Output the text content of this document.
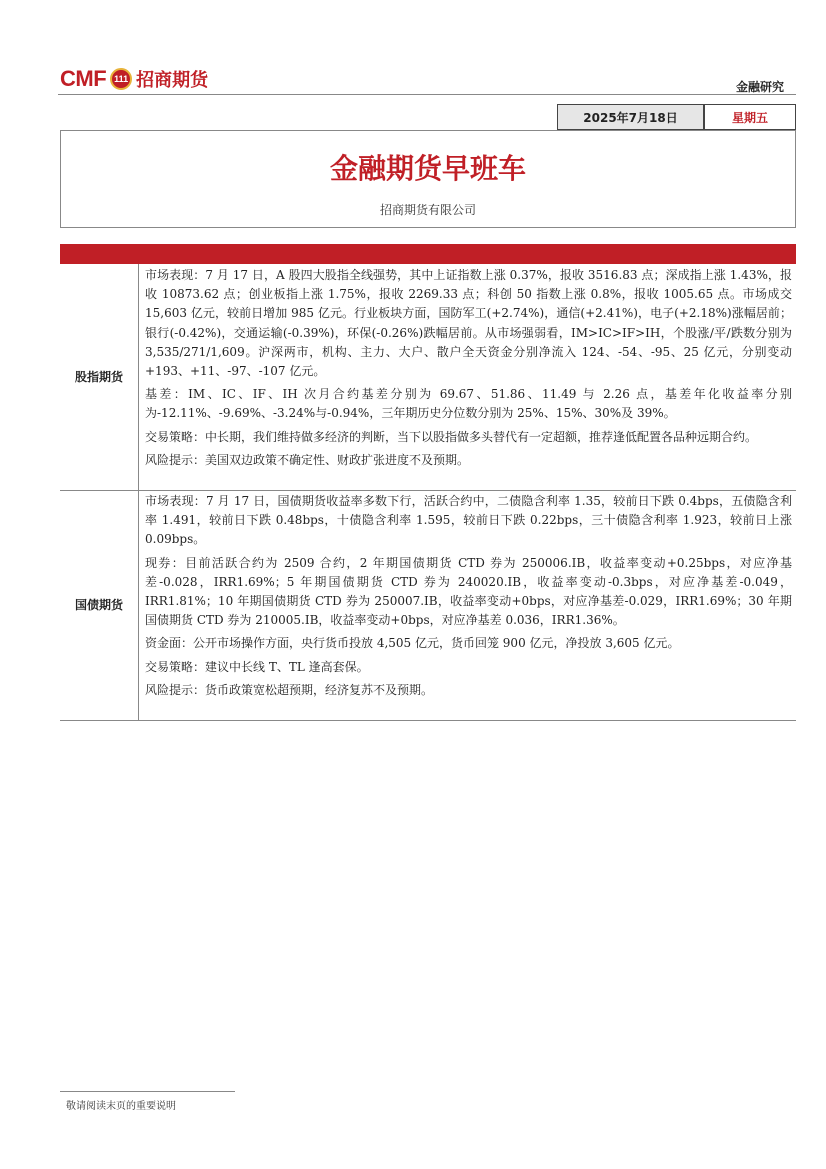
CMF 111 招商期货	金融研究
2025年7月18日	星期五
金融期货早班车
招商期货有限公司
股指期货

市场表现：7 月 17 日，A 股四大股指全线强势，其中上证指数上涨 0.37%，报收 3516.83 点；深成指上涨 1.43%，报收 10873.62 点；创业板指上涨 1.75%，报收 2269.33 点；科创 50 指数上涨 0.8%，报收 1005.65 点。市场成交 15,603 亿元，较前日增加 985 亿元。行业板块方面，国防军工(+2.74%)，通信(+2.41%)，电子(+2.18%)涨幅居前；银行(-0.42%)，交通运输(-0.39%)，环保(-0.26%)跌幅居前。从市场强弱看，IM>IC>IF>IH，个股涨/平/跌数分别为 3,535/271/1,609。沪深两市，机构、主力、大户、散户全天资金分别净流入 124、-54、-95、25 亿元，分别变动+193、+11、-97、-107 亿元。

基差：IM、IC、IF、IH 次月合约基差分别为 69.67、51.86、11.49 与 2.26 点，基差年化收益率分别为-12.11%、-9.69%、-3.24%与-0.94%，三年期历史分位数分别为 25%、15%、30%及 39%。

交易策略：中长期，我们维持做多经济的判断，当下以股指做多头替代有一定超额，推荐逢低配置各品种远期合约。

风险提示：美国双边政策不确定性、财政扩张进度不及预期。

国债期货

市场表现：7 月 17 日，国债期货收益率多数下行，活跃合约中，二债隐含利率 1.35，较前日下跌 0.4bps，五债隐含利率 1.491，较前日下跌 0.48bps，十债隐含利率 1.595，较前日下跌 0.22bps，三十债隐含利率 1.923，较前日上涨 0.09bps。

现券：目前活跃合约为 2509 合约，2 年期国债期货 CTD 券为 250006.IB，收益率变动+0.25bps，对应净基差-0.028，IRR1.69%；5 年期国债期货 CTD 券为 240020.IB，收益率变动-0.3bps，对应净基差-0.049，IRR1.81%；10 年期国债期货 CTD 券为 250007.IB，收益率变动+0bps，对应净基差-0.029，IRR1.69%；30 年期国债期货 CTD 券为 210005.IB，收益率变动+0bps，对应净基差 0.036，IRR1.36%。

资金面：公开市场操作方面，央行货币投放 4,505 亿元，货币回笼 900 亿元，净投放 3,605 亿元。

交易策略：建议中长线 T、TL 逢高套保。

风险提示：货币政策宽松超预期，经济复苏不及预期。

敬请阅读末页的重要说明
